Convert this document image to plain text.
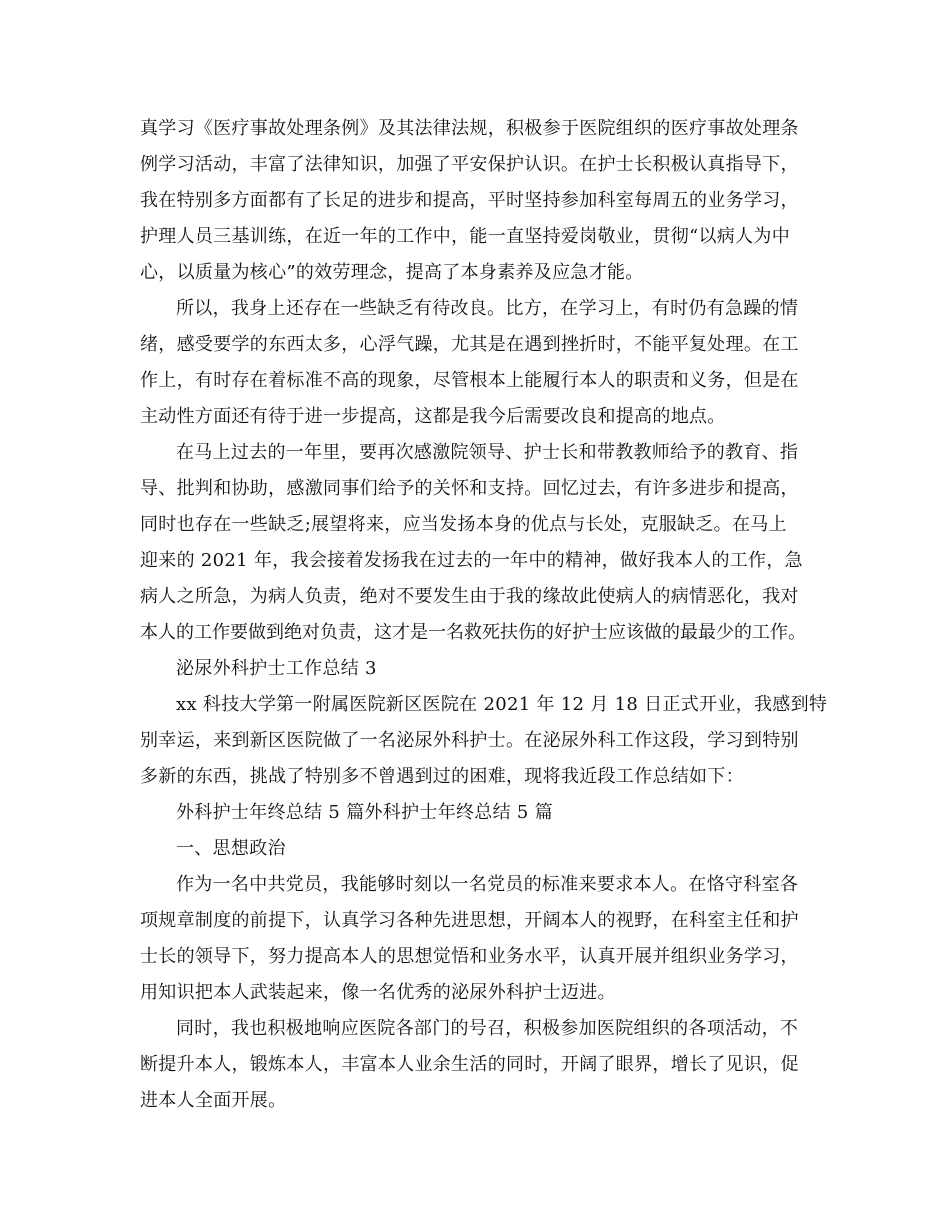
真学习《医疗事故处理条例》及其法律法规，积极参于医院组织的医疗事故处理条

例学习活动，丰富了法律知识，加强了平安保护认识。在护士长积极认真指导下，

我在特别多方面都有了长足的进步和提高，平时坚持参加科室每周五的业务学习，

护理人员三基训练，在近一年的工作中，能一直坚持爱岗敬业，贯彻“以病人为中

心，以质量为核心”的效劳理念，提高了本身素养及应急才能。

所以，我身上还存在一些缺乏有待改良。比方，在学习上，有时仍有急躁的情

绪，感受要学的东西太多，心浮气躁，尤其是在遇到挫折时，不能平复处理。在工

作上，有时存在着标准不高的现象，尽管根本上能履行本人的职责和义务，但是在

主动性方面还有待于进一步提高，这都是我今后需要改良和提高的地点。

在马上过去的一年里，要再次感激院领导、护士长和带教教师给予的教育、指

导、批判和协助，感激同事们给予的关怀和支持。回忆过去，有许多进步和提高，

同时也存在一些缺乏;展望将来，应当发扬本身的优点与长处，克服缺乏。在马上

迎来的 2021 年，我会接着发扬我在过去的一年中的精神，做好我本人的工作，急

病人之所急，为病人负责，绝对不要发生由于我的缘故此使病人的病情恶化，我对

本人的工作要做到绝对负责，这才是一名救死扶伤的好护士应该做的最最少的工作。

泌尿外科护士工作总结 3

xx 科技大学第一附属医院新区医院在 2021 年 12 月 18 日正式开业，我感到特

别幸运，来到新区医院做了一名泌尿外科护士。在泌尿外科工作这段，学习到特别

多新的东西，挑战了特别多不曾遇到过的困难，现将我近段工作总结如下：

外科护士年终总结 5 篇外科护士年终总结 5 篇

一、思想政治

作为一名中共党员，我能够时刻以一名党员的标准来要求本人。在恪守科室各

项规章制度的前提下，认真学习各种先进思想，开阔本人的视野，在科室主任和护

士长的领导下，努力提高本人的思想觉悟和业务水平，认真开展并组织业务学习，

用知识把本人武装起来，像一名优秀的泌尿外科护士迈进。

同时，我也积极地响应医院各部门的号召，积极参加医院组织的各项活动，不

断提升本人，锻炼本人，丰富本人业余生活的同时，开阔了眼界，增长了见识，促

进本人全面开展。
